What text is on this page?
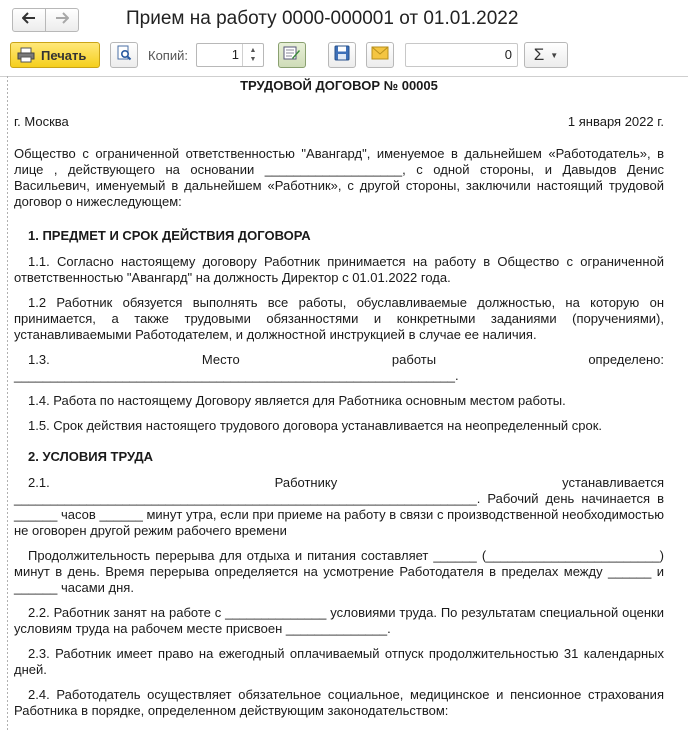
Прием на работу 0000-000001 от 01.01.2022
Печать	Копий:	1 ▲
▼	0 Σ ▼

ТРУДОВОЙ ДОГОВОР № 00005

г. Москва	1 января 2022 г.

Общество с ограниченной ответственностью "Авангард", именуемое в дальнейшем «Работодатель», в лице , действующего на основании ___________________, с одной стороны, и Давыдов Денис Васильевич, именуемый в дальнейшем «Работник», с другой стороны, заключили настоящий трудовой договор о нижеследующем:

1. ПРЕДМЕТ И СРОК ДЕЙСТВИЯ ДОГОВОРА

1.1. Согласно настоящему договору Работник принимается на работу в Общество с ограниченной ответственностью "Авангард" на должность Директор с 01.01.2022 года.

1.2 Работник обязуется выполнять все работы, обуславливаемые должностью, на которую он принимается, а также трудовыми обязанностями и конкретными заданиями (поручениями), устанавливаемыми Работодателем, и должностной инструкцией в случае ее наличия.

1.3. Место работы определено:

_____________________________________________________________.

1.4. Работа по настоящему Договору является для Работника основным местом работы.

1.5. Срок действия настоящего трудового договора устанавливается на неопределенный срок.

2. УСЛОВИЯ ТРУДА

2.1. Работнику устанавливается

________________________________________________________________. Рабочий день начинается в ______ часов ______ минут утра, если при приеме на работу в связи с производственной необходимостью не оговорен другой режим рабочего времени

Продолжительность перерыва для отдыха и питания составляет ______ (________________________) минут в день. Время перерыва определяется на усмотрение Работодателя в пределах между ______ и ______ часами дня.

2.2. Работник занят на работе с ______________ условиями труда. По результатам специальной оценки условиям труда на рабочем месте присвоен ______________.

2.3. Работник имеет право на ежегодный оплачиваемый отпуск продолжительностью 31 календарных дней.

2.4. Работодатель осуществляет обязательное социальное, медицинское и пенсионное страхования Работника в порядке, определенном действующим законодательством:
